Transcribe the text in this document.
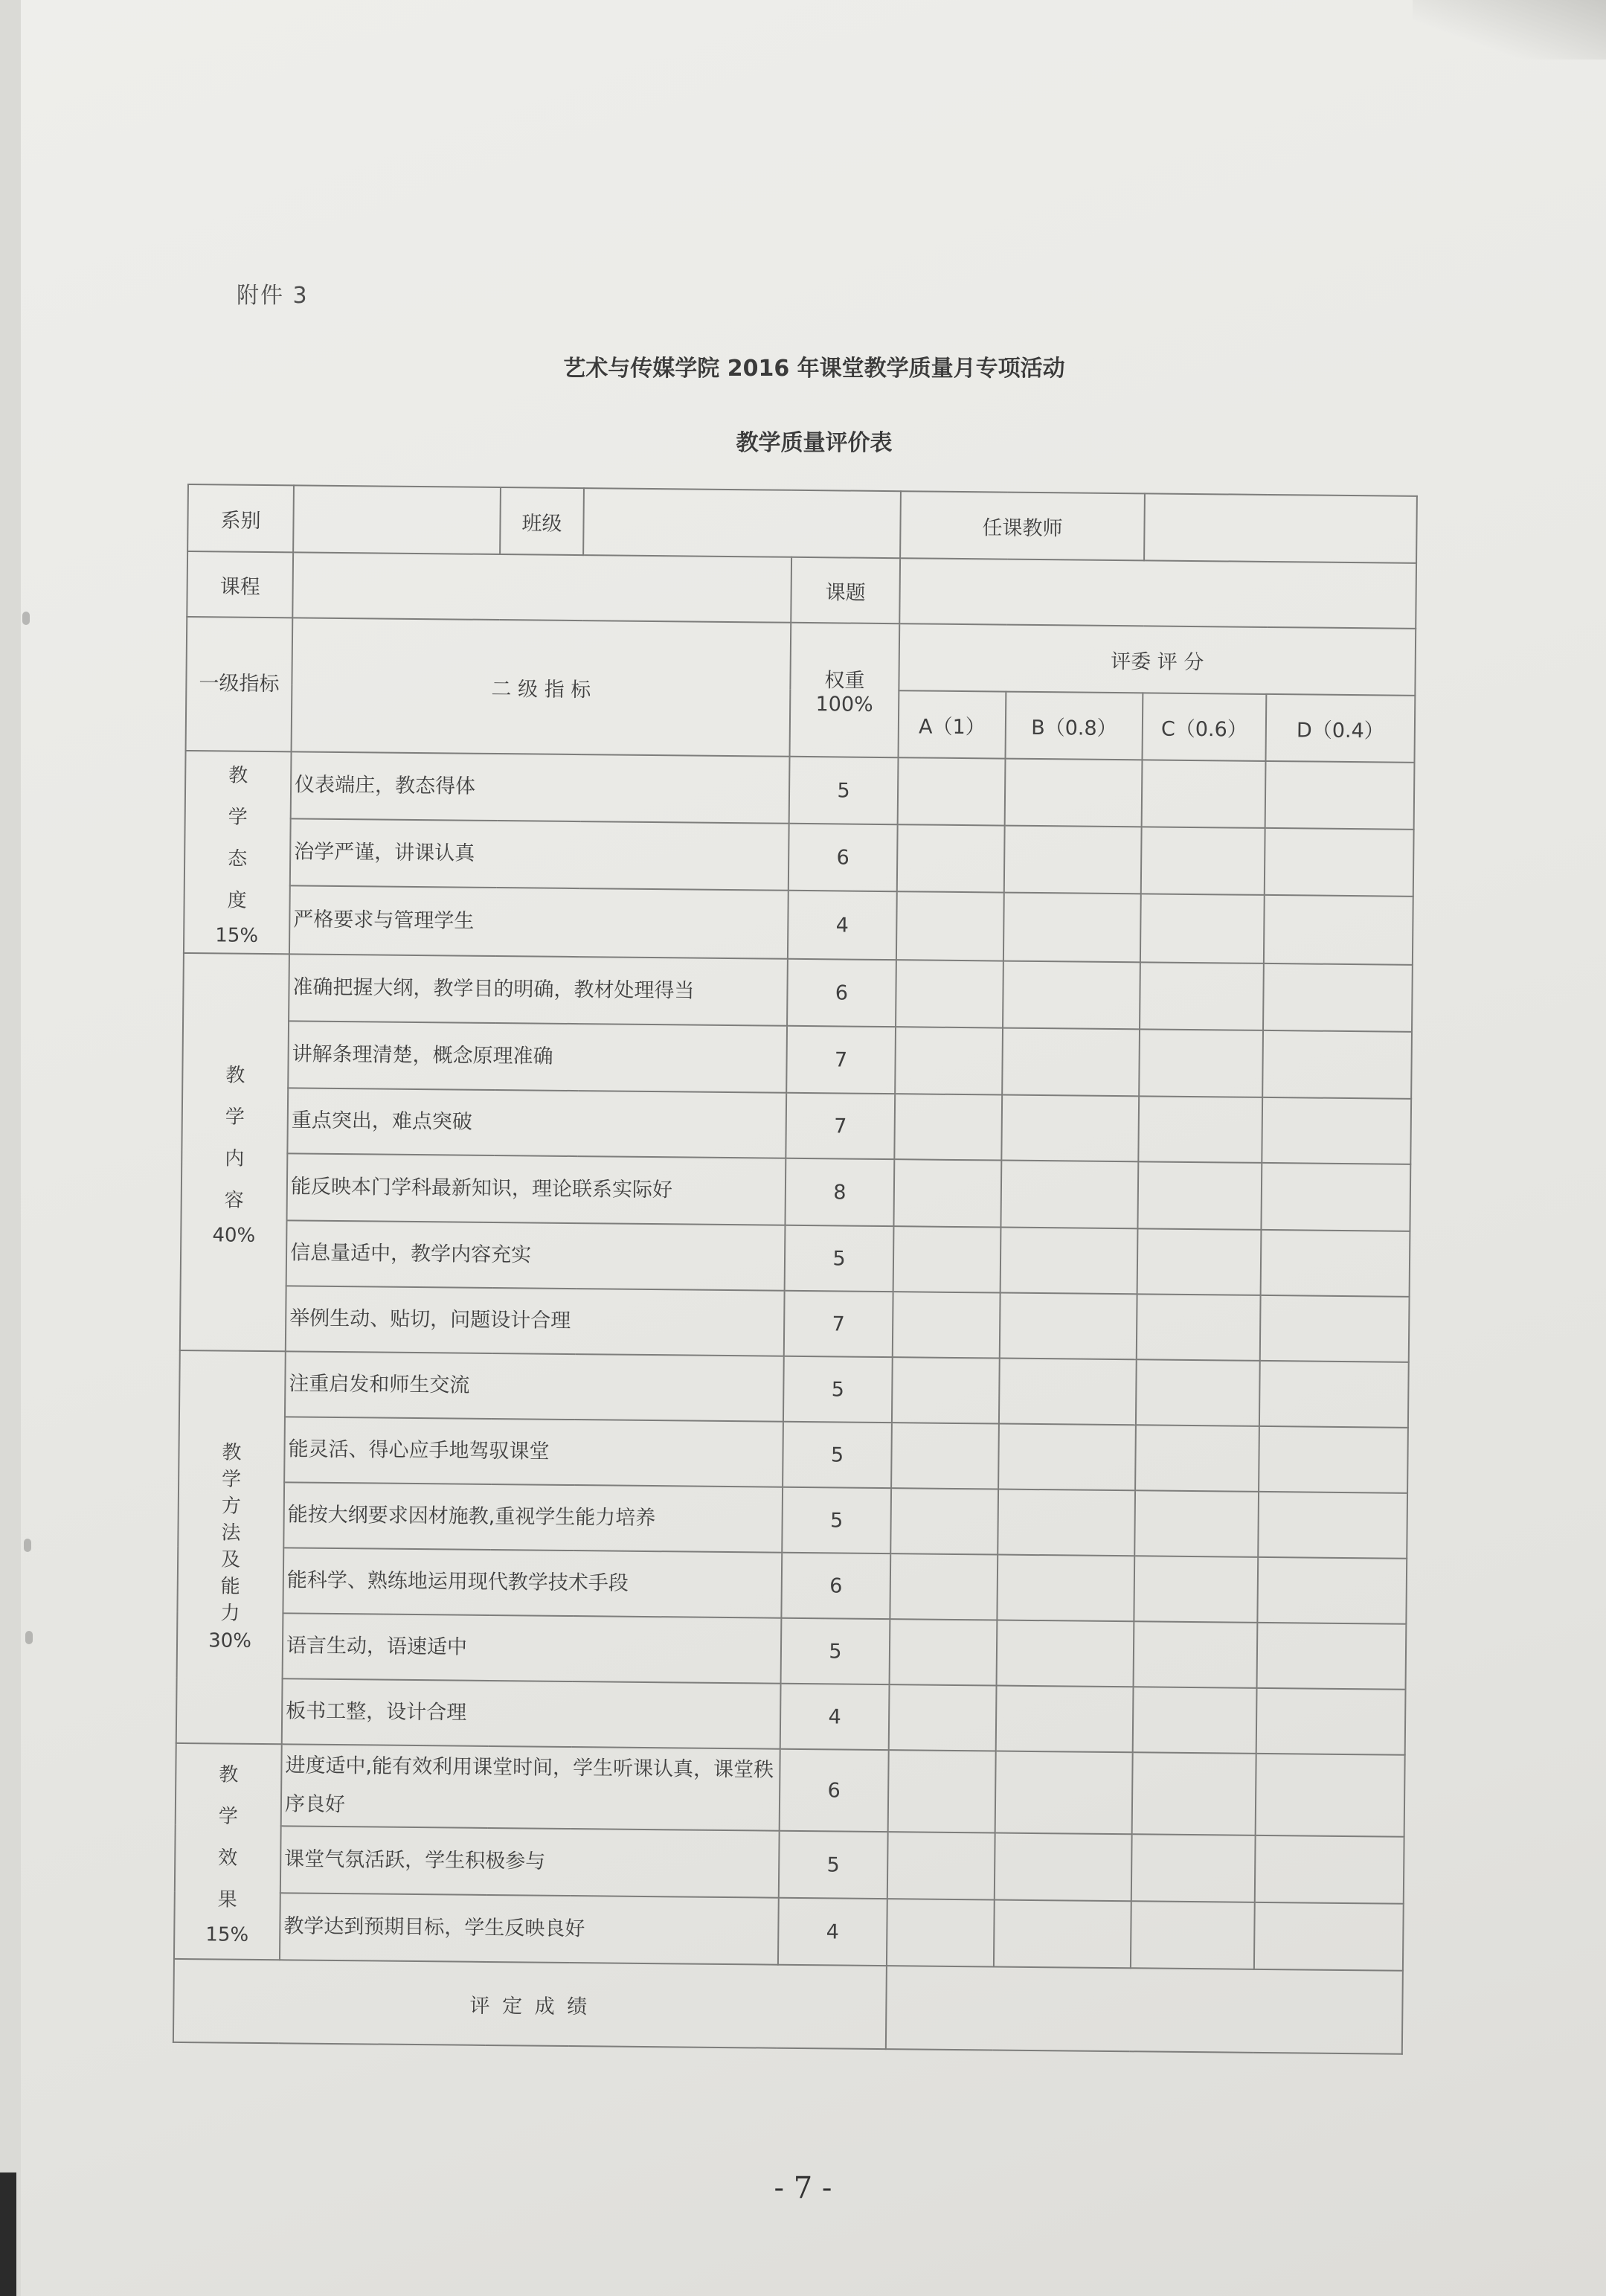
附件 3
艺术与传媒学院 2016 年课堂教学质量月专项活动
教学质量评价表
系别		班级			任课教师			
课程				课题				
一级指标	二 级 指 标			权重 100%	评委 评 分			
					A（1）	B（0.8）	C（0.6）	D（0.4）

教学态度
15%	仪表端庄，教态得体			5				
	治学严谨，讲课认真			6				
	严格要求与管理学生			4				

教学内容
40%	准确把握大纲，教学目的明确，教材处理得当			6				
	讲解条理清楚，概念原理准确			7				
	重点突出，难点突破			7				
	能反映本门学科最新知识，理论联系实际好			8				
	信息量适中，教学内容充实			5				
	举例生动、贴切，问题设计合理			7				

教学方法及能力
30%	注重启发和师生交流			5				
	能灵活、得心应手地驾驭课堂			5				
	能按大纲要求因材施教,重视学生能力培养			5				
	能科学、熟练地运用现代教学技术手段			6				
	语言生动，语速适中			5				
	板书工整，设计合理			4				

教学效果
15%	进度适中,能有效利用课堂时间，学生听课认真，课堂秩序良好			6				
	课堂气氛活跃，学生积极参与			5				
	教学达到预期目标，学生反映良好			4				
评 定 成 绩								
- 7 -
